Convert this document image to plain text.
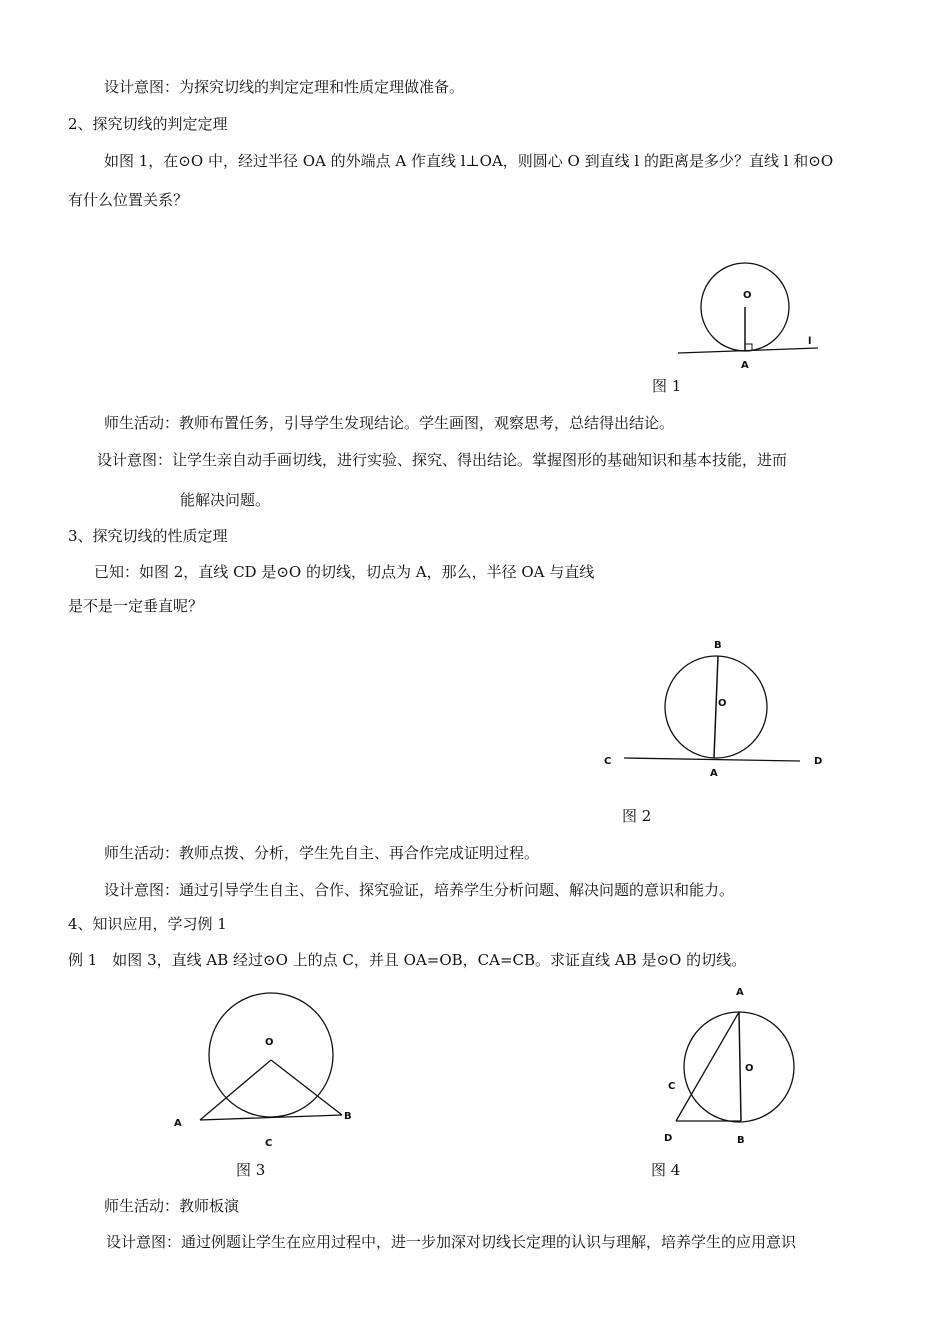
设计意图：为探究切线的判定定理和性质定理做准备。
2、探究切线的判定定理
如图 1，在⊙O 中，经过半径 OA 的外端点 A 作直线 l⊥OA，则圆心 O 到直线 l 的距离是多少？直线 l 和⊙O
有什么位置关系？
O
A
l
图 1
师生活动：教师布置任务，引导学生发现结论。学生画图，观察思考，总结得出结论。
设计意图：让学生亲自动手画切线，进行实验、探究、得出结论。掌握图形的基础知识和基本技能，进而
能解决问题。
3、探究切线的性质定理
已知：如图 2，直线 CD 是⊙O 的切线，切点为 A，那么，半径 OA 与直线
是不是一定垂直呢？
B
O
C
A
D
图 2
师生活动：教师点拨、分析，学生先自主、再合作完成证明过程。
设计意图：通过引导学生自主、合作、探究验证，培养学生分析问题、解决问题的意识和能力。
4、知识应用，学习例 1
例 1　如图 3，直线 AB 经过⊙O 上的点 C，并且 OA=OB，CA=CB。求证直线 AB 是⊙O 的切线。
O
A
B
C
图 3
A
O
C
D	B
图 4
师生活动：教师板演
设计意图：通过例题让学生在应用过程中，进一步加深对切线长定理的认识与理解，培养学生的应用意识
